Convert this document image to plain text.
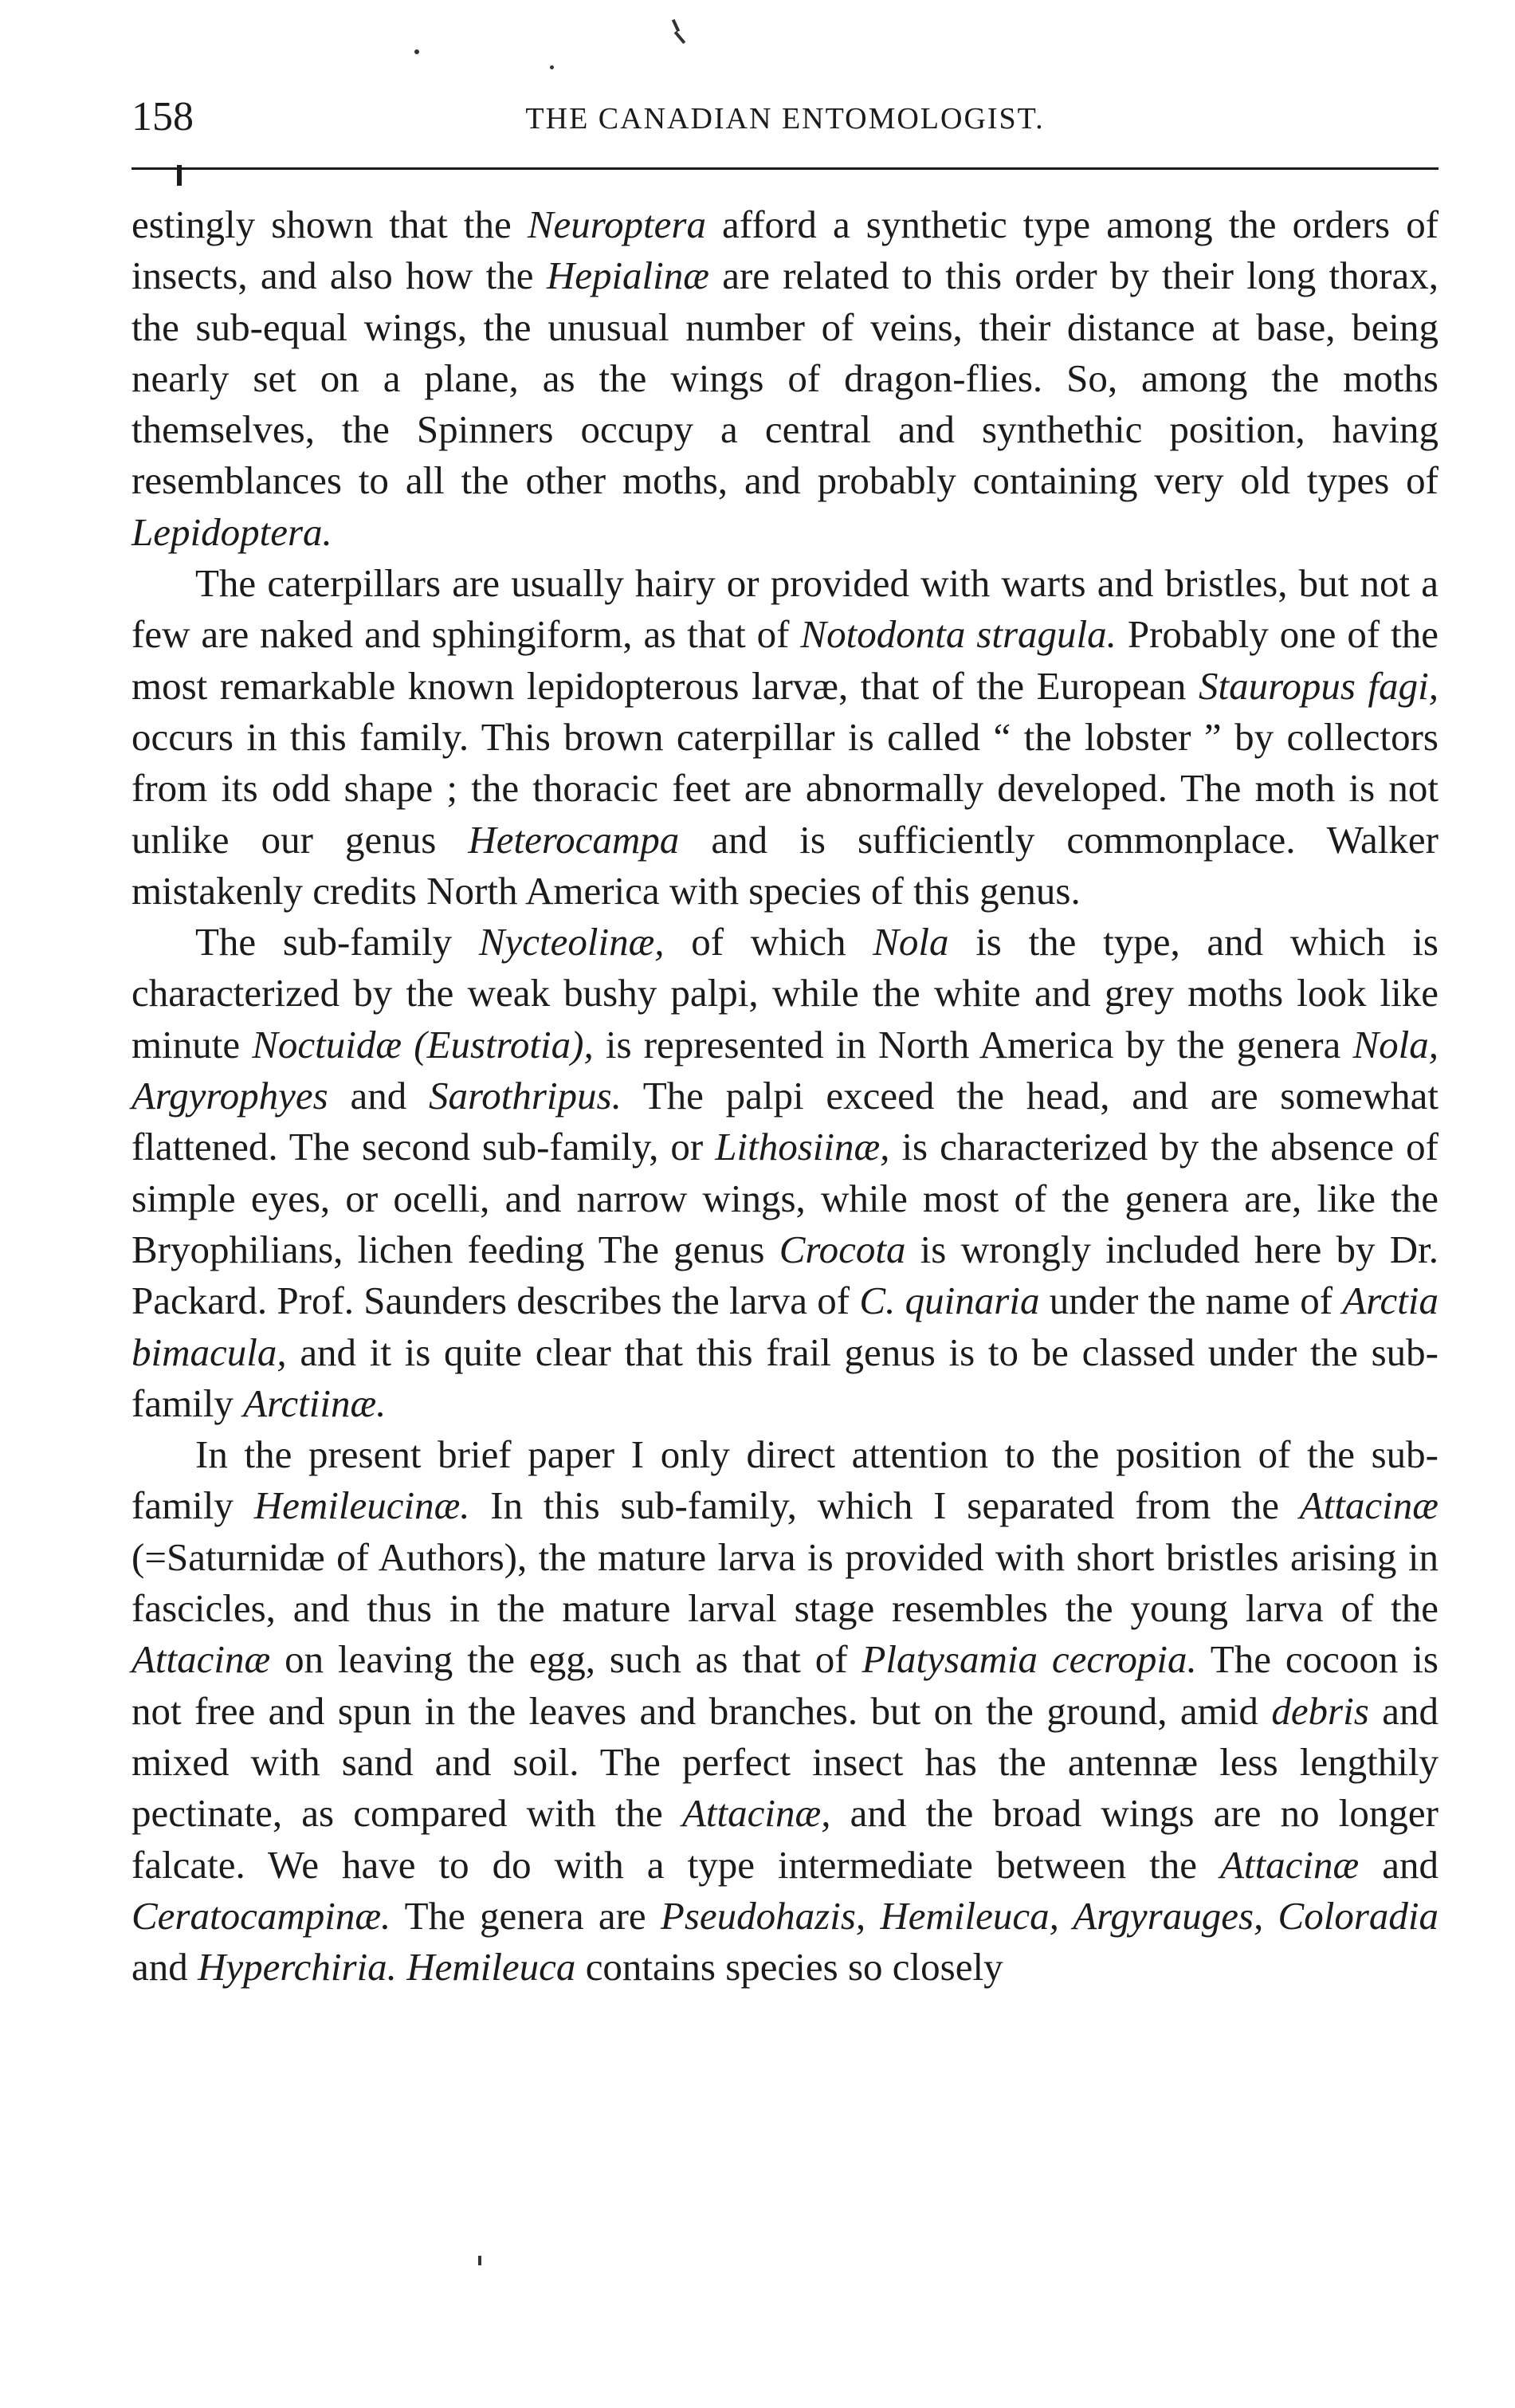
158	THE CANADIAN ENTOMOLOGIST.

estingly shown that the Neuroptera afford a synthetic type among the orders of insects, and also how the Hepialinæ are related to this order by their long thorax, the sub-equal wings, the unusual number of veins, their distance at base, being nearly set on a plane, as the wings of dragon-flies. So, among the moths themselves, the Spinners occupy a central and synthethic position, having resemblances to all the other moths, and probably containing very old types of Lepidoptera.

The caterpillars are usually hairy or provided with warts and bristles, but not a few are naked and sphingiform, as that of Notodonta stragula. Probably one of the most remarkable known lepidopterous larvæ, that of the European Stauropus fagi, occurs in this family. This brown caterpillar is called “ the lobster ” by collectors from its odd shape ; the thoracic feet are abnormally developed. The moth is not unlike our genus Heterocampa and is sufficiently commonplace. Walker mistakenly credits North America with species of this genus.

The sub-family Nycteolinæ, of which Nola is the type, and which is characterized by the weak bushy palpi, while the white and grey moths look like minute Noctuidæ (Eustrotia), is represented in North America by the genera Nola, Argyrophyes and Sarothripus. The palpi exceed the head, and are somewhat flattened. The second sub-family, or Lithosiinæ, is characterized by the absence of simple eyes, or ocelli, and narrow wings, while most of the genera are, like the Bryophilians, lichen feeding The genus Crocota is wrongly included here by Dr. Packard. Prof. Saunders describes the larva of C. quinaria under the name of Arctia bimacula, and it is quite clear that this frail genus is to be classed under the sub-family Arctiinæ.

In the present brief paper I only direct attention to the position of the sub-family Hemileucinæ. In this sub-family, which I separated from the Attacinæ (=Saturnidæ of Authors), the mature larva is provided with short bristles arising in fascicles, and thus in the mature larval stage resembles the young larva of the Attacinæ on leaving the egg, such as that of Platysamia cecropia. The cocoon is not free and spun in the leaves and branches. but on the ground, amid debris and mixed with sand and soil. The perfect insect has the antennæ less lengthily pectinate, as compared with the Attacinæ, and the broad wings are no longer falcate. We have to do with a type intermediate between the Attacinæ and Ceratocampinæ. The genera are Pseudohazis, Hemileuca, Argyrauges, Coloradia and Hyperchiria. Hemileuca contains species so closely
